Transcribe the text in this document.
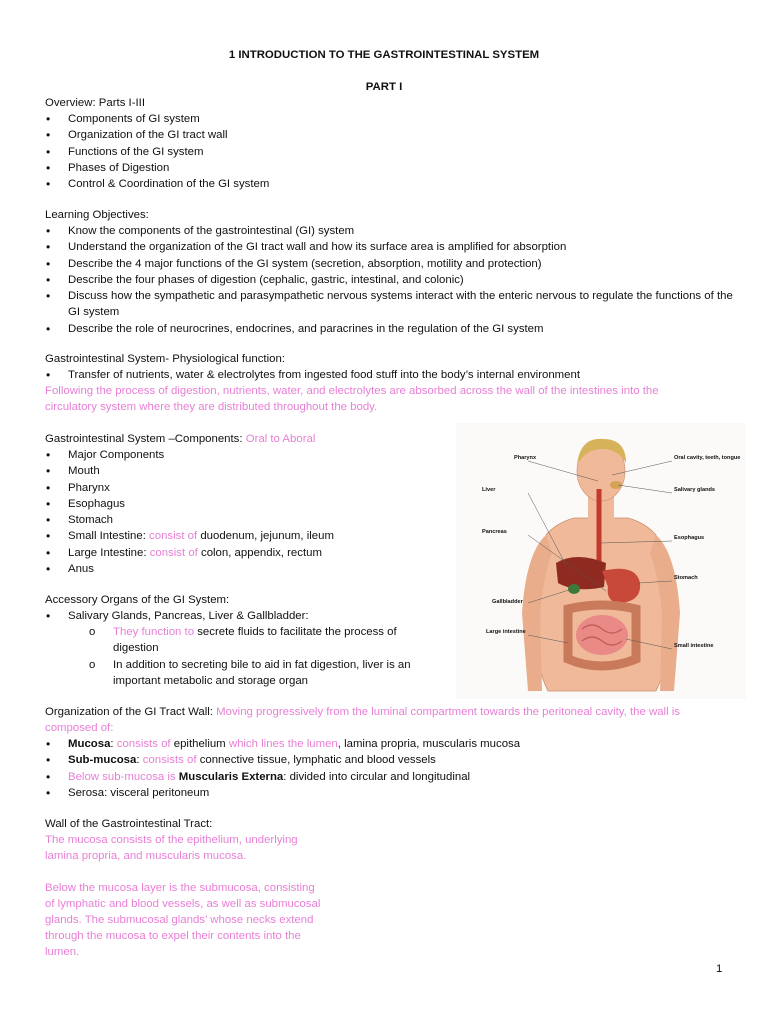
1 INTRODUCTION TO THE GASTROINTESTINAL SYSTEM
PART I
Overview: Parts I-III
• Components of GI system
• Organization of the GI tract wall
• Functions of the GI system
• Phases of Digestion
• Control & Coordination of the GI system
Learning Objectives:
• Know the components of the gastrointestinal (GI) system
• Understand the organization of the GI tract wall and how its surface area is amplified for absorption
• Describe the 4 major functions of the GI system (secretion, absorption, motility and protection)
• Describe the four phases of digestion (cephalic, gastric, intestinal, and colonic)
• Discuss how the sympathetic and parasympathetic nervous systems interact with the enteric nervous to regulate the functions of the GI system
• Describe the role of neurocrines, endocrines, and paracrines in the regulation of the GI system
Gastrointestinal System- Physiological function:
• Transfer of nutrients, water & electrolytes from ingested food stuff into the body’s internal environment
Following the process of digestion, nutrients, water, and electrolytes are absorbed across the wall of the intestines into the
circulatory system where they are distributed throughout the body.
Gastrointestinal System –Components: Oral to Aboral
• Major Components
• Mouth
• Pharynx
• Esophagus
• Stomach
• Small Intestine: consist of duodenum, jejunum, ileum
• Large Intestine: consist of colon, appendix, rectum
• Anus
Accessory Organs of the GI System:
• Salivary Glands, Pancreas, Liver & Gallbladder:
o They function to secrete fluids to facilitate the process of digestion
o In addition to secreting bile to aid in fat digestion, liver is an important metabolic and storage organ
Organization of the GI Tract Wall: Moving progressively from the luminal compartment towards the peritoneal cavity, the wall is
composed of:
• Mucosa: consists of epithelium which lines the lumen, lamina propria, muscularis mucosa
• Sub-mucosa: consists of connective tissue, lymphatic and blood vessels
• Below sub-mucosa is Muscularis Externa: divided into circular and longitudinal
• Serosa: visceral peritoneum
Wall of the Gastrointestinal Tract:
The mucosa consists of the epithelium, underlying
lamina propria, and muscularis mucosa.
Below the mucosa layer is the submucosa, consisting
of lymphatic and blood vessels, as well as submucosal
glands. The submucosal glands’ whose necks extend
through the mucosa to expel their contents into the
lumen.
Pharynx
Liver
Pancreas
Gallbladder
Large intestine
Oral cavity, teeth, tongue
Salivary glands
Esophagus
Stomach
Small intestine
1
